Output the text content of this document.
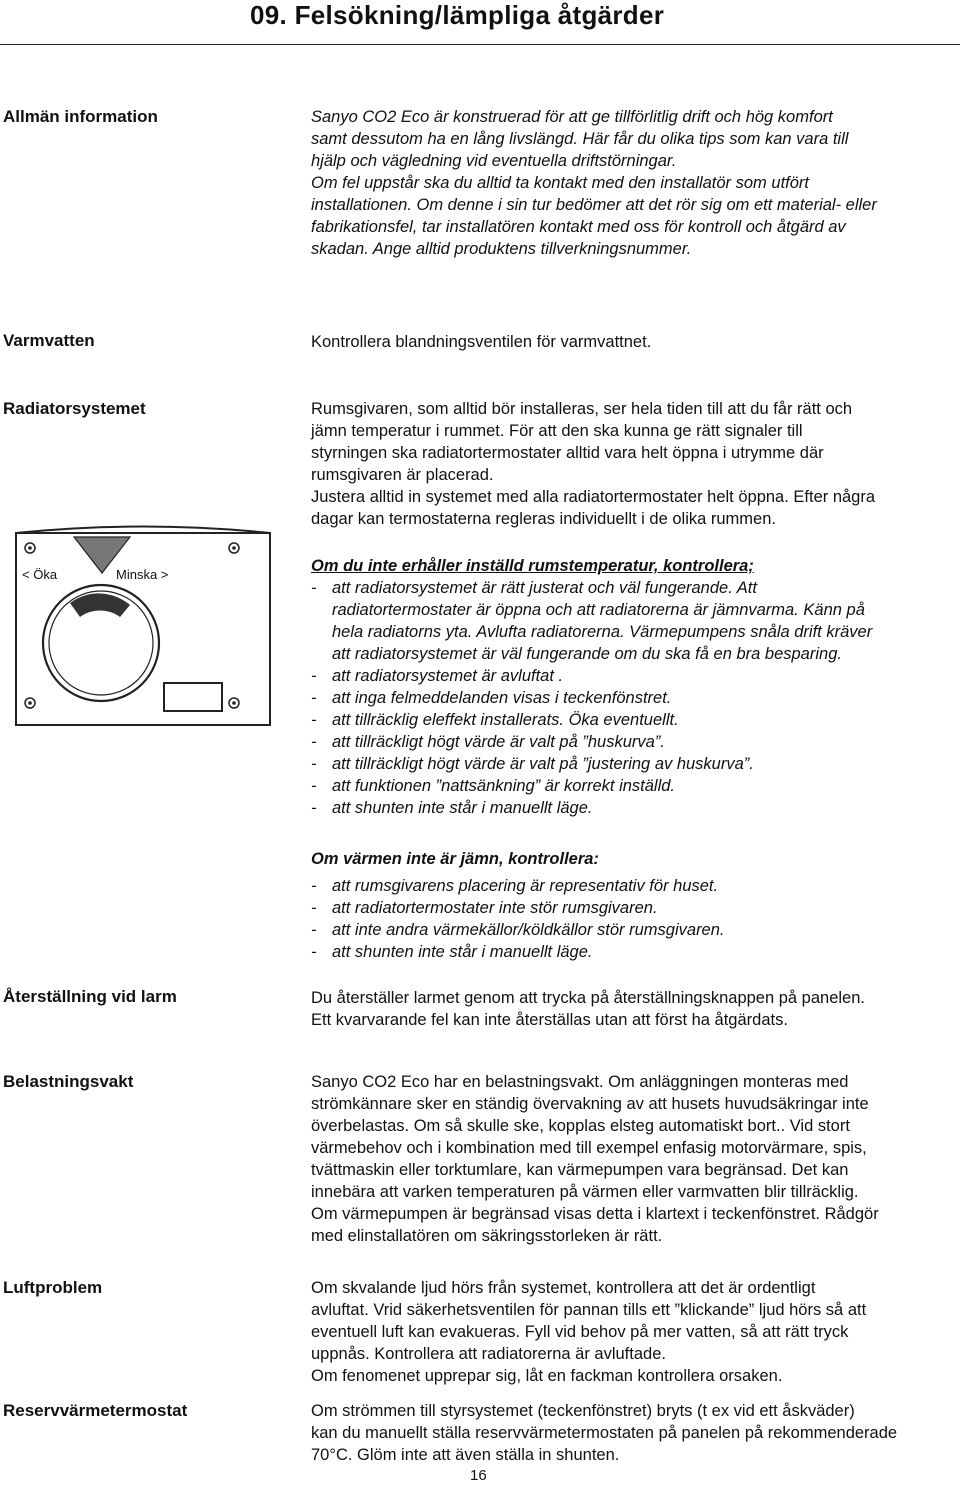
09. Felsökning/lämpliga åtgärder
Allmän information	Sanyo CO2 Eco är konstruerad för att ge tillförlitlig drift och hög komfort
samt dessutom ha en lång livslängd. Här får du olika tips som kan vara till
hjälp och vägledning vid eventuella driftstörningar.
Om fel uppstår ska du alltid ta kontakt med den installatör som utfört
installationen. Om denne i sin tur bedömer att det rör sig om ett material- eller
fabrikationsfel, tar installatören kontakt med oss för kontroll och åtgärd av
skadan. Ange alltid produktens tillverkningsnummer.
Varmvatten	Kontrollera blandningsventilen för varmvattnet.
Radiatorsystemet	Rumsgivaren, som alltid bör installeras, ser hela tiden till att du får rätt och
jämn temperatur i rummet. För att den ska kunna ge rätt signaler till
styrningen ska radiatortermostater alltid vara helt öppna i utrymme där
rumsgivaren är placerad.
Justera alltid in systemet med alla radiatortermostater helt öppna. Efter några
dagar kan termostaterna regleras individuellt i de olika rummen.
< Öka	Minska >	Om du inte erhåller inställd rumstemperatur, kontrollera;
- att radiatorsystemet är rätt justerat och väl fungerande. Att
radiatortermostater är öppna och att radiatorerna är jämnvarma. Känn på
hela radiatorns yta. Avlufta radiatorerna. Värmepumpens snåla drift kräver
att radiatorsystemet är väl fungerande om du ska få en bra besparing.
- att radiatorsystemet är avluftat .
- att inga felmeddelanden visas i teckenfönstret.
- att tillräcklig eleffekt installerats. Öka eventuellt.
- att tillräckligt högt värde är valt på ”huskurva”.
- att tillräckligt högt värde är valt på ”justering av huskurva”.
- att funktionen ”nattsänkning” är korrekt inställd.
- att shunten inte står i manuellt läge.
Om värmen inte är jämn, kontrollera:
- att rumsgivarens placering är representativ för huset.
- att radiatortermostater inte stör rumsgivaren.
- att inte andra värmekällor/köldkällor stör rumsgivaren.
- att shunten inte står i manuellt läge.
Återställning vid larm	Du återställer larmet genom att trycka på återställningsknappen på panelen.
Ett kvarvarande fel kan inte återställas utan att först ha åtgärdats.
Belastningsvakt	Sanyo CO2 Eco har en belastningsvakt. Om anläggningen monteras med
strömkännare sker en ständig övervakning av att husets huvudsäkringar inte
överbelastas. Om så skulle ske, kopplas elsteg automatiskt bort.. Vid stort
värmebehov och i kombination med till exempel enfasig motorvärmare, spis,
tvättmaskin eller torktumlare, kan värmepumpen vara begränsad. Det kan
innebära att varken temperaturen på värmen eller varmvatten blir tillräcklig.
Om värmepumpen är begränsad visas detta i klartext i teckenfönstret. Rådgör
med elinstallatören om säkringsstorleken är rätt.
Luftproblem	Om skvalande ljud hörs från systemet, kontrollera att det är ordentligt
avluftat. Vrid säkerhetsventilen för pannan tills ett ”klickande” ljud hörs så att
eventuell luft kan evakueras. Fyll vid behov på mer vatten, så att rätt tryck
uppnås. Kontrollera att radiatorerna är avluftade.
Om fenomenet upprepar sig, låt en fackman kontrollera orsaken.
Reservvärmetermostat	Om strömmen till styrsystemet (teckenfönstret) bryts (t ex vid ett åskväder)
kan du manuellt ställa reservvärmetermostaten på panelen på rekommenderade
70°C. Glöm inte att även ställa in shunten.
16
